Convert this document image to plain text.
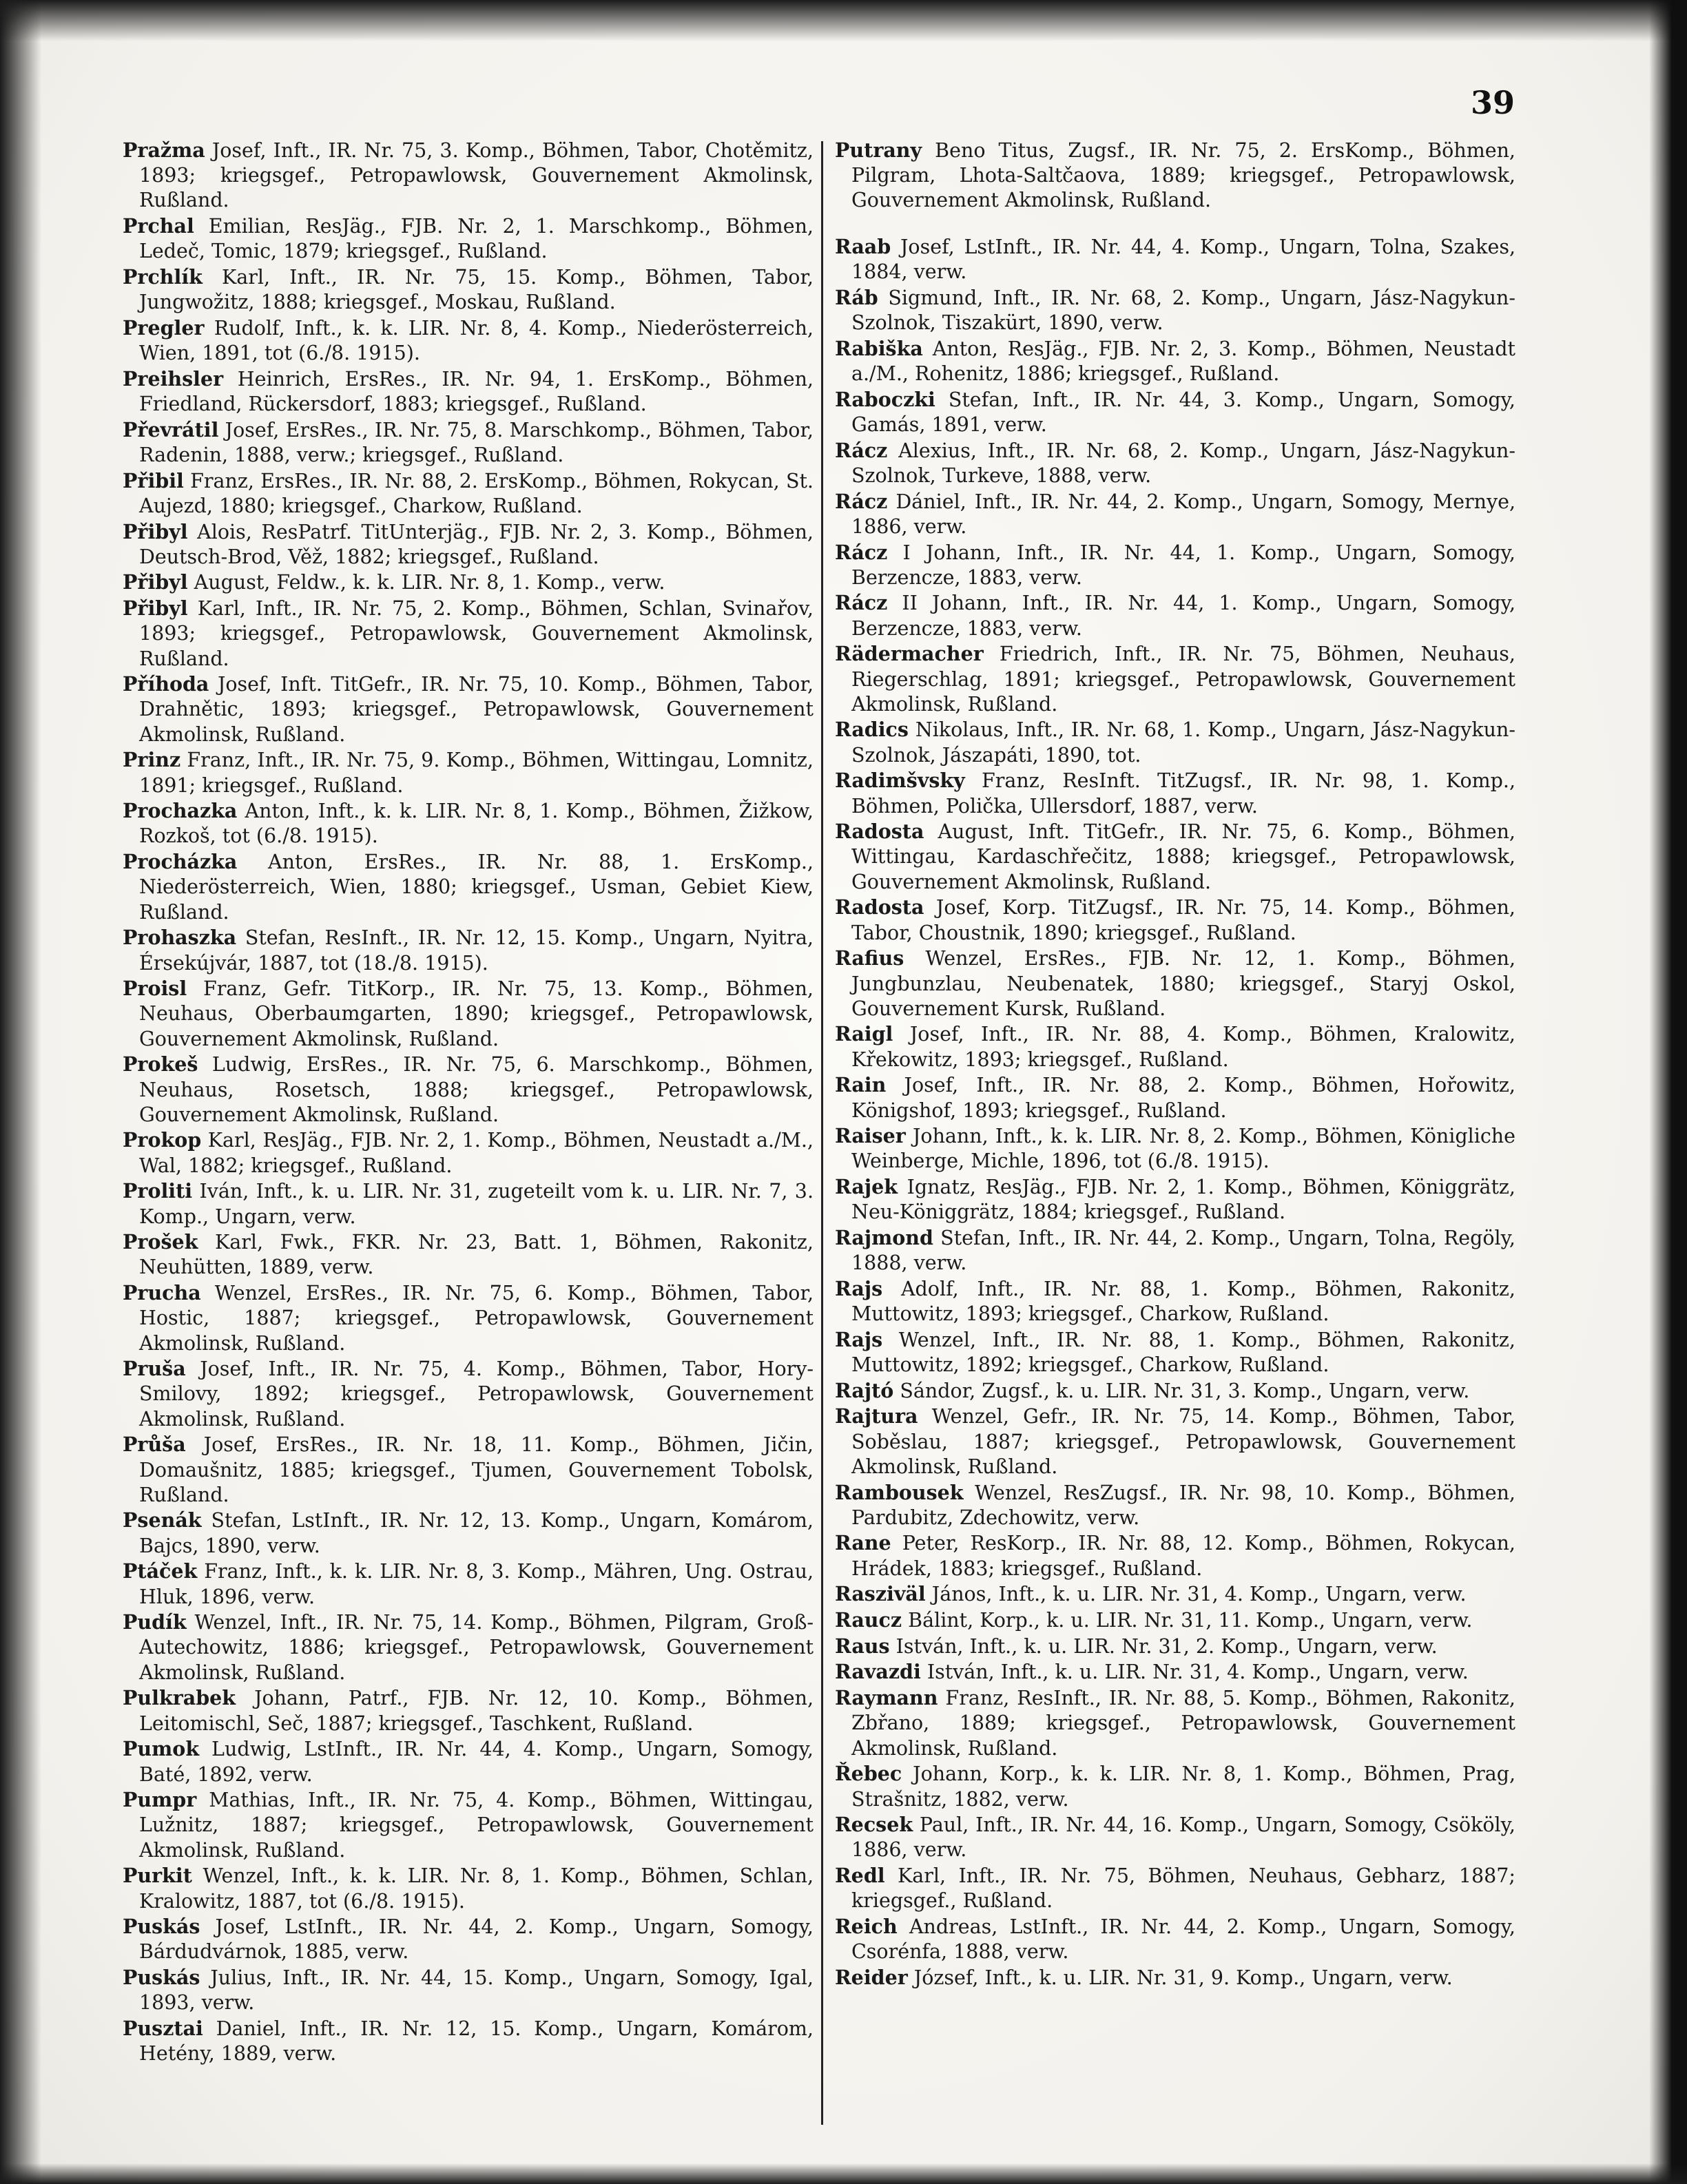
39

Pražma Josef, Inft., IR. Nr. 75, 3. Komp., Böhmen, Tabor, Chotěmitz, 1893; kriegsgef., Petropawlowsk, Gouvernement Akmolinsk, Rußland.

Prchal Emilian, ResJäg., FJB. Nr. 2, 1. Marschkomp., Böhmen, Ledeč, Tomic, 1879; kriegsgef., Rußland.

Prchlík Karl, Inft., IR. Nr. 75, 15. Komp., Böhmen, Tabor, Jungwožitz, 1888; kriegsgef., Moskau, Rußland.

Pregler Rudolf, Inft., k. k. LIR. Nr. 8, 4. Komp., Niederösterreich, Wien, 1891, tot (6./8. 1915).

Preihsler Heinrich, ErsRes., IR. Nr. 94, 1. ErsKomp., Böhmen, Friedland, Rückersdorf, 1883; kriegsgef., Rußland.

Převrátil Josef, ErsRes., IR. Nr. 75, 8. Marschkomp., Böhmen, Tabor, Radenin, 1888, verw.; kriegsgef., Rußland.

Přibil Franz, ErsRes., IR. Nr. 88, 2. ErsKomp., Böhmen, Rokycan, St. Aujezd, 1880; kriegsgef., Charkow, Rußland.

Přibyl Alois, ResPatrf. TitUnterjäg., FJB. Nr. 2, 3. Komp., Böhmen, Deutsch-Brod, Věž, 1882; kriegsgef., Rußland.

Přibyl August, Feldw., k. k. LIR. Nr. 8, 1. Komp., verw.

Přibyl Karl, Inft., IR. Nr. 75, 2. Komp., Böhmen, Schlan, Svinařov, 1893; kriegsgef., Petropawlowsk, Gouvernement Akmolinsk, Rußland.

Příhoda Josef, Inft. TitGefr., IR. Nr. 75, 10. Komp., Böhmen, Tabor, Drahnětic, 1893; kriegsgef., Petropawlowsk, Gouvernement Akmolinsk, Rußland.

Prinz Franz, Inft., IR. Nr. 75, 9. Komp., Böhmen, Wittingau, Lomnitz, 1891; kriegsgef., Rußland.

Prochazka Anton, Inft., k. k. LIR. Nr. 8, 1. Komp., Böhmen, Žižkow, Rozkoš, tot (6./8. 1915).

Procházka Anton, ErsRes., IR. Nr. 88, 1. ErsKomp., Niederösterreich, Wien, 1880; kriegsgef., Usman, Gebiet Kiew, Rußland.

Prohaszka Stefan, ResInft., IR. Nr. 12, 15. Komp., Ungarn, Nyitra, Érsekújvár, 1887, tot (18./8. 1915).

Proisl Franz, Gefr. TitKorp., IR. Nr. 75, 13. Komp., Böhmen, Neuhaus, Oberbaumgarten, 1890; kriegsgef., Petropawlowsk, Gouvernement Akmolinsk, Rußland.

Prokeš Ludwig, ErsRes., IR. Nr. 75, 6. Marschkomp., Böhmen, Neuhaus, Rosetsch, 1888; kriegsgef., Petropawlowsk, Gouvernement Akmolinsk, Rußland.

Prokop Karl, ResJäg., FJB. Nr. 2, 1. Komp., Böhmen, Neustadt a./M., Wal, 1882; kriegsgef., Rußland.

Proliti Iván, Inft., k. u. LIR. Nr. 31, zugeteilt vom k. u. LIR. Nr. 7, 3. Komp., Ungarn, verw.

Prošek Karl, Fwk., FKR. Nr. 23, Batt. 1, Böhmen, Rakonitz, Neuhütten, 1889, verw.

Prucha Wenzel, ErsRes., IR. Nr. 75, 6. Komp., Böhmen, Tabor, Hostic, 1887; kriegsgef., Petropawlowsk, Gouvernement Akmolinsk, Rußland.

Pruša Josef, Inft., IR. Nr. 75, 4. Komp., Böhmen, Tabor, Hory-Smilovy, 1892; kriegsgef., Petropawlowsk, Gouvernement Akmolinsk, Rußland.

Průša Josef, ErsRes., IR. Nr. 18, 11. Komp., Böhmen, Jičin, Domaušnitz, 1885; kriegsgef., Tjumen, Gouvernement Tobolsk, Rußland.

Psenák Stefan, LstInft., IR. Nr. 12, 13. Komp., Ungarn, Komárom, Bajcs, 1890, verw.

Ptáček Franz, Inft., k. k. LIR. Nr. 8, 3. Komp., Mähren, Ung. Ostrau, Hluk, 1896, verw.

Pudík Wenzel, Inft., IR. Nr. 75, 14. Komp., Böhmen, Pilgram, Groß-Autechowitz, 1886; kriegsgef., Petropawlowsk, Gouvernement Akmolinsk, Rußland.

Pulkrabek Johann, Patrf., FJB. Nr. 12, 10. Komp., Böhmen, Leitomischl, Seč, 1887; kriegsgef., Taschkent, Rußland.

Pumok Ludwig, LstInft., IR. Nr. 44, 4. Komp., Ungarn, Somogy, Baté, 1892, verw.

Pumpr Mathias, Inft., IR. Nr. 75, 4. Komp., Böhmen, Wittingau, Lužnitz, 1887; kriegsgef., Petropawlowsk, Gouvernement Akmolinsk, Rußland.

Purkit Wenzel, Inft., k. k. LIR. Nr. 8, 1. Komp., Böhmen, Schlan, Kralowitz, 1887, tot (6./8. 1915).

Puskás Josef, LstInft., IR. Nr. 44, 2. Komp., Ungarn, Somogy, Bárdudvárnok, 1885, verw.

Puskás Julius, Inft., IR. Nr. 44, 15. Komp., Ungarn, Somogy, Igal, 1893, verw.

Pusztai Daniel, Inft., IR. Nr. 12, 15. Komp., Ungarn, Komárom, Hetény, 1889, verw.

Putrany Beno Titus, Zugsf., IR. Nr. 75, 2. ErsKomp., Böhmen, Pilgram, Lhota-Saltčaova, 1889; kriegsgef., Petropawlowsk, Gouvernement Akmolinsk, Rußland.

Raab Josef, LstInft., IR. Nr. 44, 4. Komp., Ungarn, Tolna, Szakes, 1884, verw.

Ráb Sigmund, Inft., IR. Nr. 68, 2. Komp., Ungarn, Jász-Nagykun-Szolnok, Tiszakürt, 1890, verw.

Rabiška Anton, ResJäg., FJB. Nr. 2, 3. Komp., Böhmen, Neustadt a./M., Rohenitz, 1886; kriegsgef., Rußland.

Raboczki Stefan, Inft., IR. Nr. 44, 3. Komp., Ungarn, Somogy, Gamás, 1891, verw.

Rácz Alexius, Inft., IR. Nr. 68, 2. Komp., Ungarn, Jász-Nagykun-Szolnok, Turkeve, 1888, verw.

Rácz Dániel, Inft., IR. Nr. 44, 2. Komp., Ungarn, Somogy, Mernye, 1886, verw.

Rácz I Johann, Inft., IR. Nr. 44, 1. Komp., Ungarn, Somogy, Berzencze, 1883, verw.

Rácz II Johann, Inft., IR. Nr. 44, 1. Komp., Ungarn, Somogy, Berzencze, 1883, verw.

Rädermacher Friedrich, Inft., IR. Nr. 75, Böhmen, Neuhaus, Riegerschlag, 1891; kriegsgef., Petropawlowsk, Gouvernement Akmolinsk, Rußland.

Radics Nikolaus, Inft., IR. Nr. 68, 1. Komp., Ungarn, Jász-Nagykun-Szolnok, Jászapáti, 1890, tot.

Radimšvsky Franz, ResInft. TitZugsf., IR. Nr. 98, 1. Komp., Böhmen, Polička, Ullersdorf, 1887, verw.

Radosta August, Inft. TitGefr., IR. Nr. 75, 6. Komp., Böhmen, Wittingau, Kardaschřečitz, 1888; kriegsgef., Petropawlowsk, Gouvernement Akmolinsk, Rußland.

Radosta Josef, Korp. TitZugsf., IR. Nr. 75, 14. Komp., Böhmen, Tabor, Choustnik, 1890; kriegsgef., Rußland.

Rafius Wenzel, ErsRes., FJB. Nr. 12, 1. Komp., Böhmen, Jungbunzlau, Neubenatek, 1880; kriegsgef., Staryj Oskol, Gouvernement Kursk, Rußland.

Raigl Josef, Inft., IR. Nr. 88, 4. Komp., Böhmen, Kralowitz, Křekowitz, 1893; kriegsgef., Rußland.

Rain Josef, Inft., IR. Nr. 88, 2. Komp., Böhmen, Hořowitz, Königshof, 1893; kriegsgef., Rußland.

Raiser Johann, Inft., k. k. LIR. Nr. 8, 2. Komp., Böhmen, Königliche Weinberge, Michle, 1896, tot (6./8. 1915).

Rajek Ignatz, ResJäg., FJB. Nr. 2, 1. Komp., Böhmen, Königgrätz, Neu-Königgrätz, 1884; kriegsgef., Rußland.

Rajmond Stefan, Inft., IR. Nr. 44, 2. Komp., Ungarn, Tolna, Regöly, 1888, verw.

Rajs Adolf, Inft., IR. Nr. 88, 1. Komp., Böhmen, Rakonitz, Muttowitz, 1893; kriegsgef., Charkow, Rußland.

Rajs Wenzel, Inft., IR. Nr. 88, 1. Komp., Böhmen, Rakonitz, Muttowitz, 1892; kriegsgef., Charkow, Rußland.

Rajtó Sándor, Zugsf., k. u. LIR. Nr. 31, 3. Komp., Ungarn, verw.

Rajtura Wenzel, Gefr., IR. Nr. 75, 14. Komp., Böhmen, Tabor, Soběslau, 1887; kriegsgef., Petropawlowsk, Gouvernement Akmolinsk, Rußland.

Rambousek Wenzel, ResZugsf., IR. Nr. 98, 10. Komp., Böhmen, Pardubitz, Zdechowitz, verw.

Rane Peter, ResKorp., IR. Nr. 88, 12. Komp., Böhmen, Rokycan, Hrádek, 1883; kriegsgef., Rußland.

Rasziväl János, Inft., k. u. LIR. Nr. 31, 4. Komp., Ungarn, verw.

Raucz Bálint, Korp., k. u. LIR. Nr. 31, 11. Komp., Ungarn, verw.

Raus István, Inft., k. u. LIR. Nr. 31, 2. Komp., Ungarn, verw.

Ravazdi István, Inft., k. u. LIR. Nr. 31, 4. Komp., Ungarn, verw.

Raymann Franz, ResInft., IR. Nr. 88, 5. Komp., Böhmen, Rakonitz, Zbřano, 1889; kriegsgef., Petropawlowsk, Gouvernement Akmolinsk, Rußland.

Řebec Johann, Korp., k. k. LIR. Nr. 8, 1. Komp., Böhmen, Prag, Strašnitz, 1882, verw.

Recsek Paul, Inft., IR. Nr. 44, 16. Komp., Ungarn, Somogy, Csököly, 1886, verw.

Redl Karl, Inft., IR. Nr. 75, Böhmen, Neuhaus, Gebharz, 1887; kriegsgef., Rußland.

Reich Andreas, LstInft., IR. Nr. 44, 2. Komp., Ungarn, Somogy, Csorénfa, 1888, verw.

Reider József, Inft., k. u. LIR. Nr. 31, 9. Komp., Ungarn, verw.
